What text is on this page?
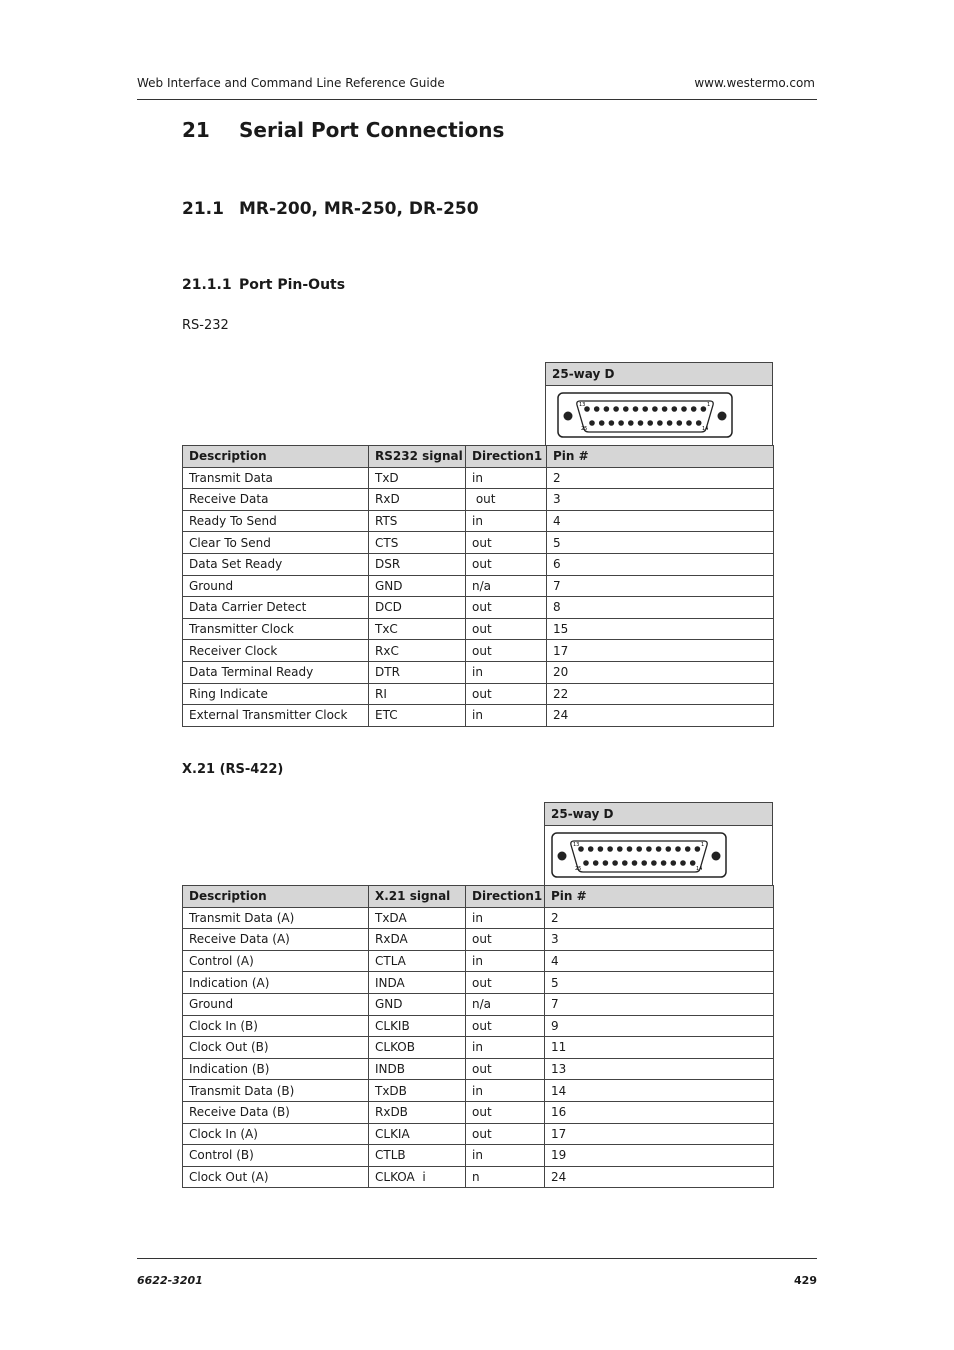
Web Interface and Command Line Reference Guide	www.westermo.com
21 Serial Port Connections
21.1 MR-200, MR-250, DR-250
21.1.1 Port Pin-Outs
RS-232
25-way D
13	1
25	14
Description	RS232 signal	Direction1	Pin #
Transmit Data	TxD	in	2
Receive Data	RxD	out	3
Ready To Send	RTS	in	4
Clear To Send	CTS	out	5
Data Set Ready	DSR	out	6
Ground	GND	n/a	7
Data Carrier Detect	DCD	out	8
Transmitter Clock	TxC	out	15
Receiver Clock	RxC	out	17
Data Terminal Ready	DTR	in	20
Ring Indicate	RI	out	22
External Transmitter Clock	ETC	in	24
X.21 (RS-422)
25-way D
13	1
25	14
Description	X.21 signal	Direction1	Pin #
Transmit Data (A)	TxDA	in	2
Receive Data (A)	RxDA	out	3
Control (A)	CTLA	in	4
Indication (A)	INDA	out	5
Ground	GND	n/a	7
Clock In (B)	CLKIB	out	9
Clock Out (B)	CLKOB	in	11
Indication (B)	INDB	out	13
Transmit Data (B)	TxDB	in	14
Receive Data (B)	RxDB	out	16
Clock In (A)	CLKIA	out	17
Control (B)	CTLB	in	19
Clock Out (A)	CLKOA  i	n	24
6622-3201	429
